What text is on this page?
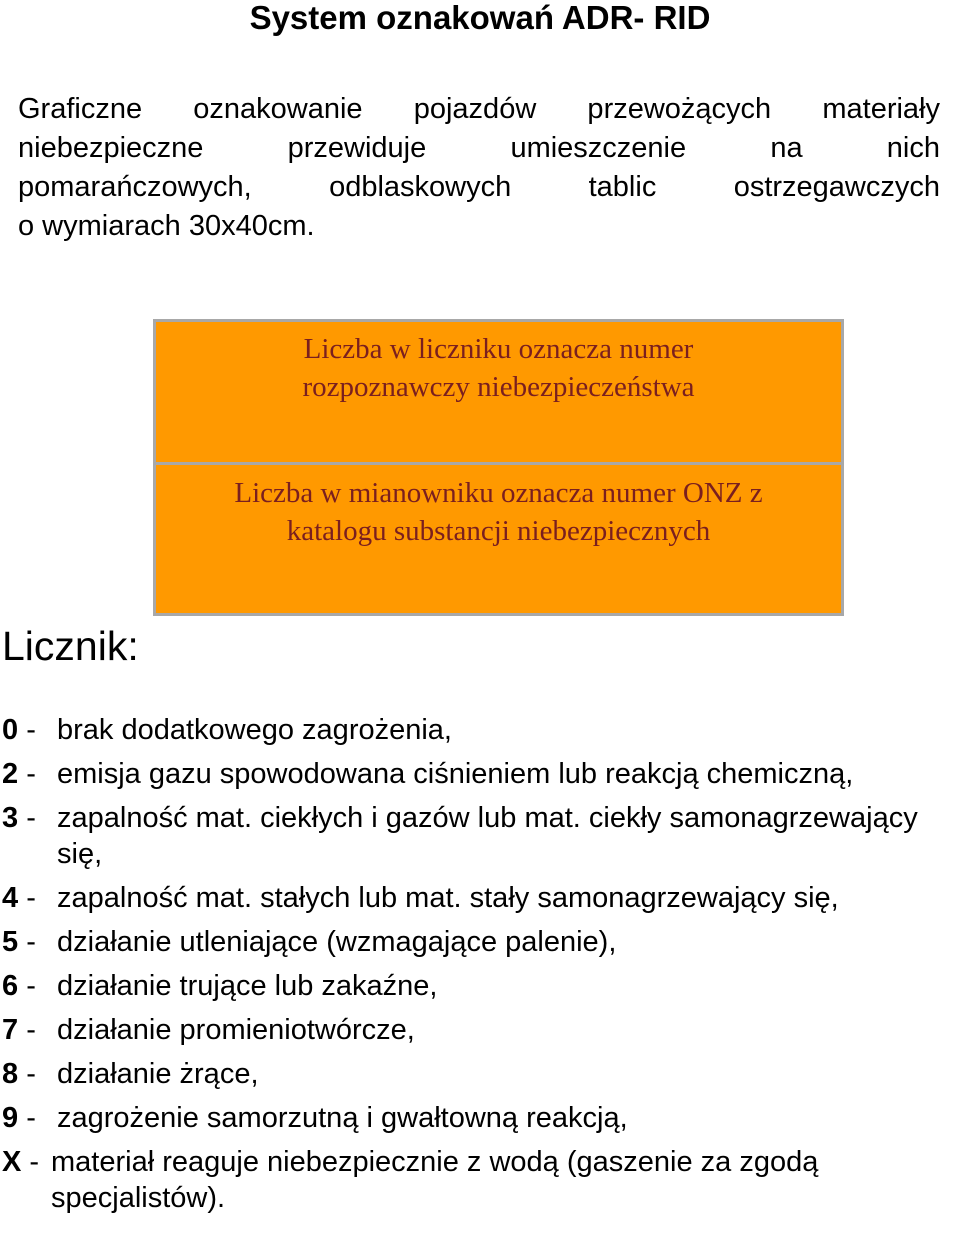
System oznakowań ADR- RID
Graficzne oznakowanie pojazdów przewożących materiały
niebezpieczne przewiduje umieszczenie na nich
pomarańczowych, odblaskowych tablic ostrzegawczych
o wymiarach 30x40cm.
Liczba w liczniku oznacza numer
rozpoznawczy niebezpieczeństwa
Liczba w mianowniku oznacza numer ONZ z
katalogu substancji niebezpiecznych
Licznik:
0 - brak dodatkowego zagrożenia,
2 - emisja gazu spowodowana ciśnieniem lub reakcją chemiczną,
3 - zapalność mat. ciekłych i gazów lub mat. ciekły samonagrzewający się,
4 - zapalność mat. stałych lub mat. stały samonagrzewający się,
5 - działanie utleniające (wzmagające palenie),
6 - działanie trujące lub zakaźne,
7 - działanie promieniotwórcze,
8 - działanie żrące,
9 - zagrożenie samorzutną i gwałtowną reakcją,
X - materiał reaguje niebezpiecznie z wodą (gaszenie za zgodą specjalistów).
